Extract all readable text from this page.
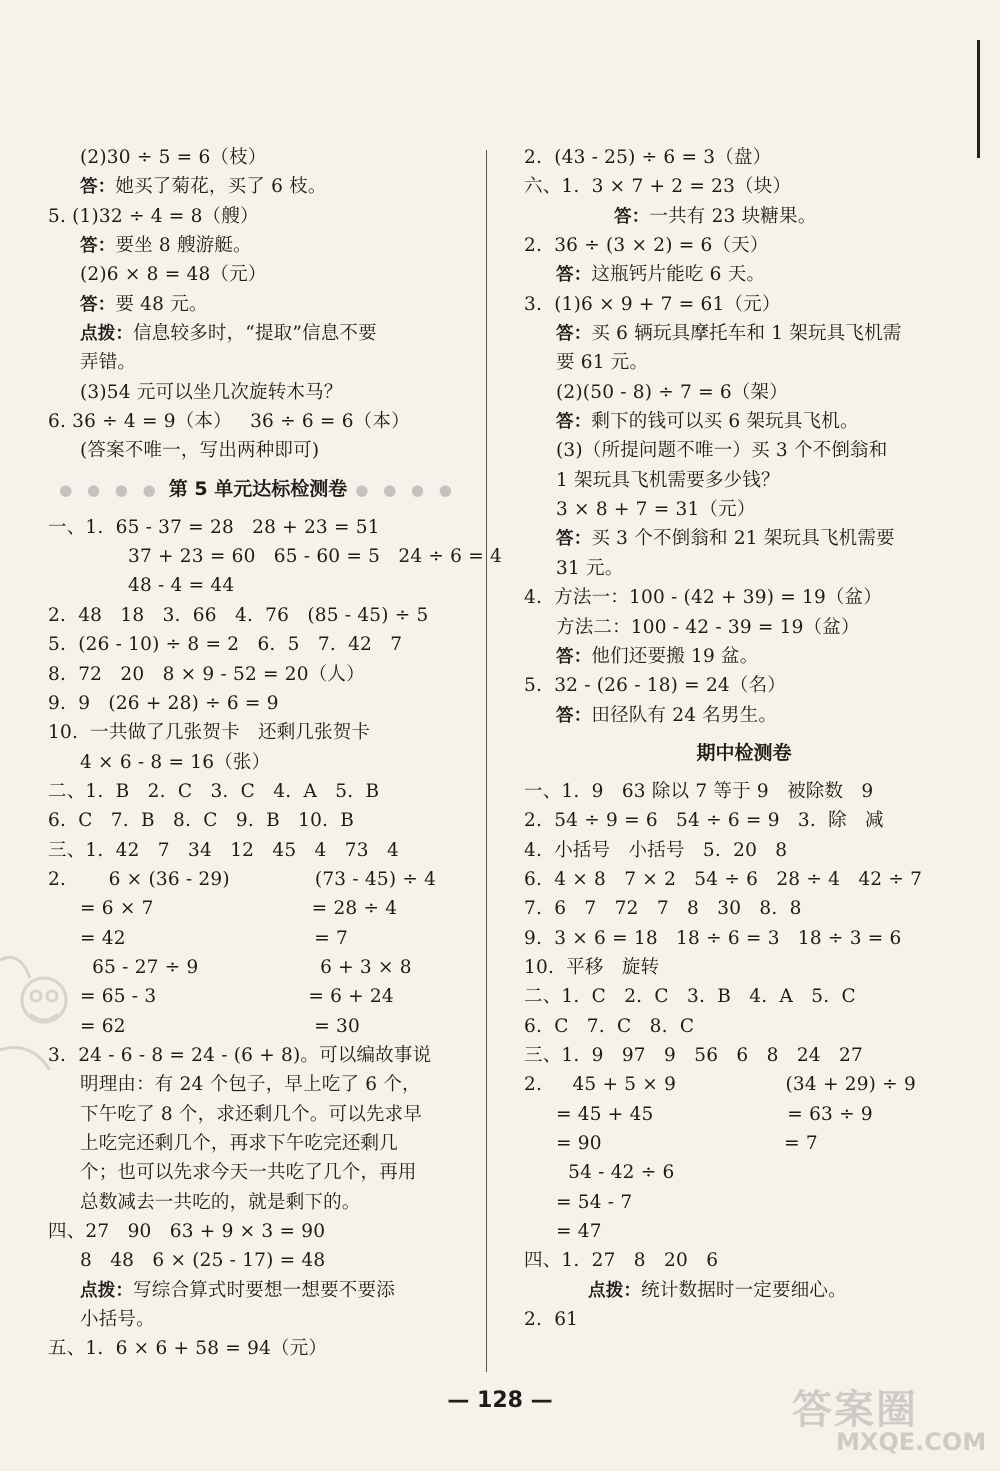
(2)30 ÷ 5 = 6（枝）
答：她买了菊花，买了 6 枝。
5. (1)32 ÷ 4 = 8（艘）
答：要坐 8 艘游艇。
(2)6 × 8 = 48（元）
答：要 48 元。
点拨：信息较多时，“提取”信息不要
弄错。
(3)54 元可以坐几次旋转木马？
6. 36 ÷ 4 = 9（本）   36 ÷ 6 = 6（本）
(答案不唯一，写出两种即可)
● ● ● ● 第 5 单元达标检测卷 ● ● ● ●
一、1.  65 - 37 = 28   28 + 23 = 51
37 + 23 = 60   65 - 60 = 5   24 ÷ 6 = 4
48 - 4 = 44
2.  48   18   3.  66   4.  76   (85 - 45) ÷ 5
5.  (26 - 10) ÷ 8 = 2   6.  5   7.  42   7
8.  72   20   8 × 9 - 52 = 20（人）
9.  9   (26 + 28) ÷ 6 = 9
10.  一共做了几张贺卡   还剩几张贺卡
4 × 6 - 8 = 16（张）
二、1.  B   2.  C   3.  C   4.  A   5.  B
6.  C   7.  B   8.  C   9.  B   10.  B
三、1.  42   7   34   12   45   4   73   4
2.       6 × (36 - 29)              (73 - 45) ÷ 4
= 6 × 7                          = 28 ÷ 4
= 42                               = 7
65 - 27 ÷ 9                    6 + 3 × 8
= 65 - 3                         = 6 + 24
= 62                               = 30
3.  24 - 6 - 8 = 24 - (6 + 8)。可以编故事说
明理由：有 24 个包子，早上吃了 6 个，
下午吃了 8 个，求还剩几个。可以先求早
上吃完还剩几个，再求下午吃完还剩几
个；也可以先求今天一共吃了几个，再用
总数减去一共吃的，就是剩下的。
四、27   90   63 + 9 × 3 = 90
8   48   6 × (25 - 17) = 48
点拨：写综合算式时要想一想要不要添
小括号。
五、1.  6 × 6 + 58 = 94（元）
2.  (43 - 25) ÷ 6 = 3（盘）
六、1.  3 × 7 + 2 = 23（块）
答：一共有 23 块糖果。
2.  36 ÷ (3 × 2) = 6（天）
答：这瓶钙片能吃 6 天。
3.  (1)6 × 9 + 7 = 61（元）
答：买 6 辆玩具摩托车和 1 架玩具飞机需
要 61 元。
(2)(50 - 8) ÷ 7 = 6（架）
答：剩下的钱可以买 6 架玩具飞机。
(3)（所提问题不唯一）买 3 个不倒翁和
1 架玩具飞机需要多少钱？
3 × 8 + 7 = 31（元）
答：买 3 个不倒翁和 21 架玩具飞机需要
31 元。
4.  方法一：100 - (42 + 39) = 19（盆）
方法二：100 - 42 - 39 = 19（盆）
答：他们还要搬 19 盆。
5.  32 - (26 - 18) = 24（名）
答：田径队有 24 名男生。
期中检测卷
一、1.  9   63 除以 7 等于 9   被除数   9
2.  54 ÷ 9 = 6   54 ÷ 6 = 9   3.  除   减
4.  小括号   小括号   5.  20   8
6.  4 × 8   7 × 2   54 ÷ 6   28 ÷ 4   42 ÷ 7
7.  6   7   72   7   8   30   8.  8
9.  3 × 6 = 18   18 ÷ 6 = 3   18 ÷ 3 = 6
10.  平移   旋转
二、1.  C   2.  C   3.  B   4.  A   5.  C
6.  C   7.  C   8.  C
三、1.  9   97   9   56   6   8   24   27
2.     45 + 5 × 9                  (34 + 29) ÷ 9
= 45 + 45                      = 63 ÷ 9
= 90                              = 7
54 - 42 ÷ 6
= 54 - 7
= 47
四、1.  27   8   20   6
点拨：统计数据时一定要细心。
2.  61
— 128 —	答案圈
MXQE.COM
